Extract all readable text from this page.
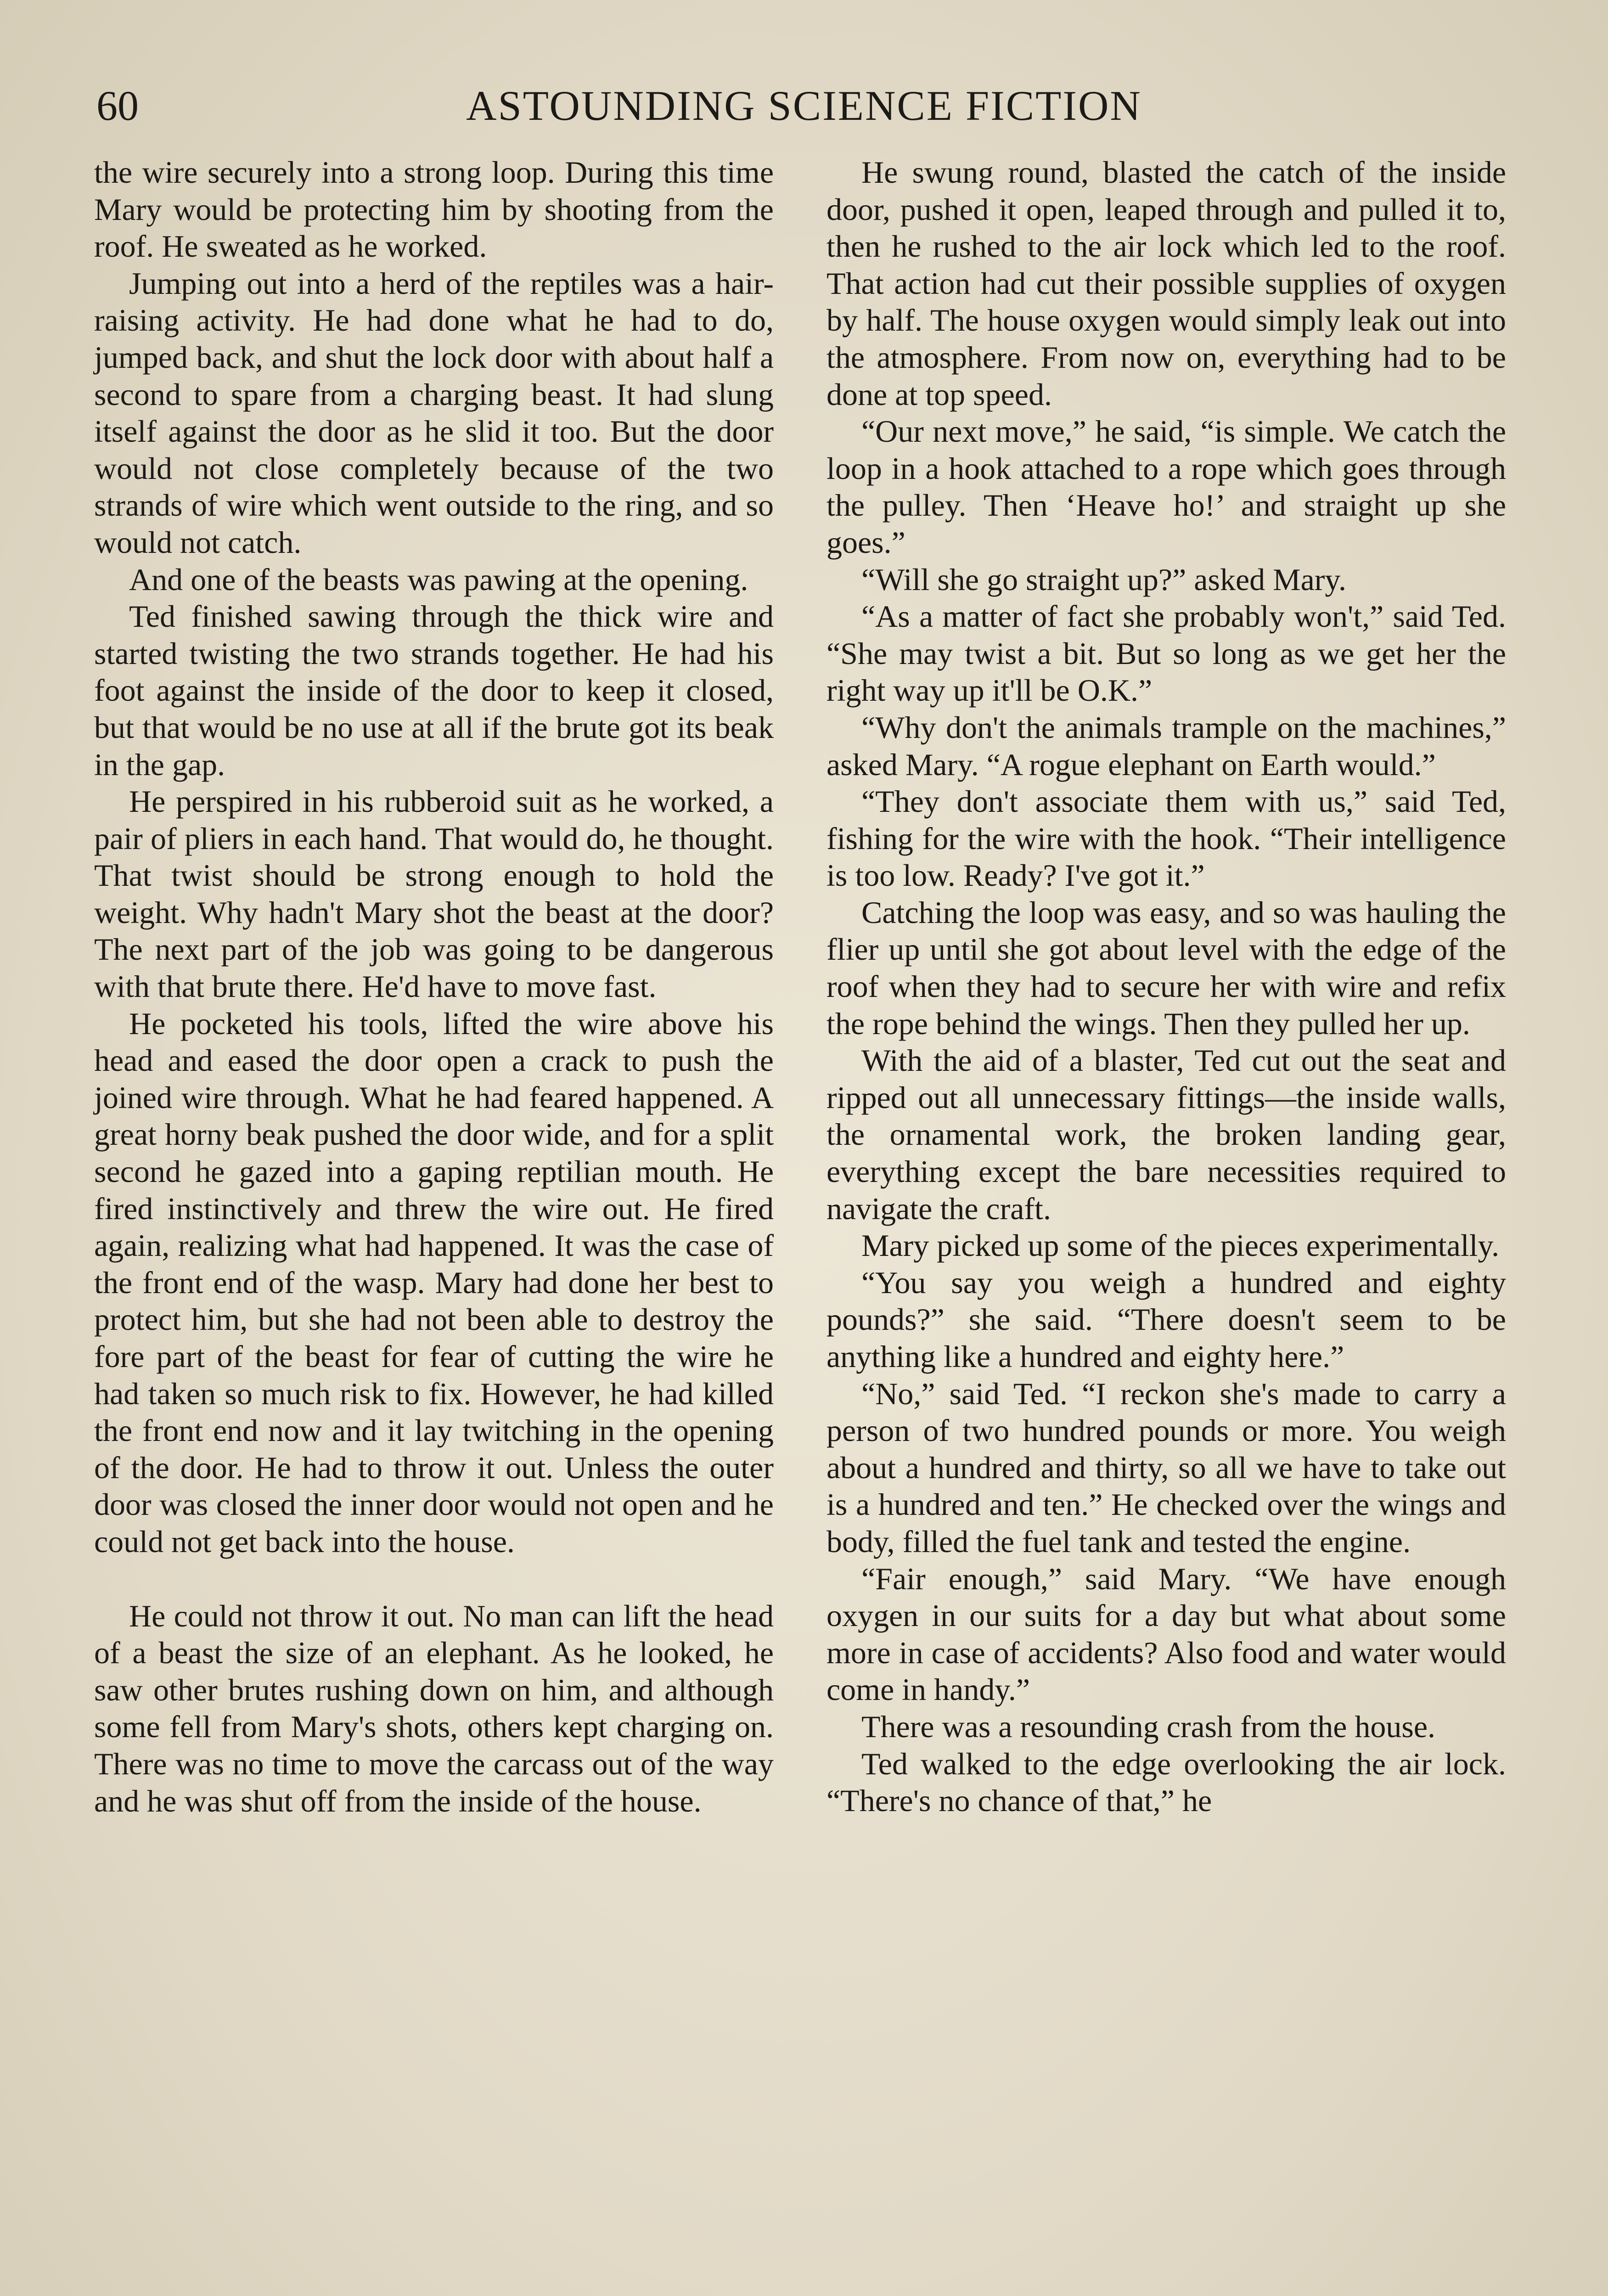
60	ASTOUNDING SCIENCE FICTION

the wire securely into a strong loop. During this time Mary would be protecting him by shooting from the roof. He sweated as he worked.

Jumping out into a herd of the reptiles was a hair-raising activity. He had done what he had to do, jumped back, and shut the lock door with about half a second to spare from a charging beast. It had slung itself against the door as he slid it too. But the door would not close completely because of the two strands of wire which went outside to the ring, and so would not catch.

And one of the beasts was pawing at the opening.

Ted finished sawing through the thick wire and started twisting the two strands together. He had his foot against the inside of the door to keep it closed, but that would be no use at all if the brute got its beak in the gap.

He perspired in his rubberoid suit as he worked, a pair of pliers in each hand. That would do, he thought. That twist should be strong enough to hold the weight. Why hadn't Mary shot the beast at the door? The next part of the job was going to be dangerous with that brute there. He'd have to move fast.

He pocketed his tools, lifted the wire above his head and eased the door open a crack to push the joined wire through. What he had feared happened. A great horny beak pushed the door wide, and for a split second he gazed into a gaping reptilian mouth. He fired instinctively and threw the wire out. He fired again, realizing what had happened. It was the case of the front end of the wasp. Mary had done her best to protect him, but she had not been able to destroy the fore part of the beast for fear of cutting the wire he had taken so much risk to fix. However, he had killed the front end now and it lay twitching in the opening of the door. He had to throw it out. Unless the outer door was closed the inner door would not open and he could not get back into the house.

He could not throw it out. No man can lift the head of a beast the size of an elephant. As he looked, he saw other brutes rushing down on him, and although some fell from Mary's shots, others kept charging on. There was no time to move the carcass out of the way and he was shut off from the inside of the house.

He swung round, blasted the catch of the inside door, pushed it open, leaped through and pulled it to, then he rushed to the air lock which led to the roof. That action had cut their possible supplies of oxygen by half. The house oxygen would simply leak out into the atmosphere. From now on, everything had to be done at top speed.

“Our next move,” he said, “is simple. We catch the loop in a hook attached to a rope which goes through the pulley. Then ‘Heave ho!’ and straight up she goes.”

“Will she go straight up?” asked Mary.

“As a matter of fact she probably won't,” said Ted. “She may twist a bit. But so long as we get her the right way up it'll be O.K.”

“Why don't the animals trample on the machines,” asked Mary. “A rogue elephant on Earth would.”

“They don't associate them with us,” said Ted, fishing for the wire with the hook. “Their intelligence is too low. Ready? I've got it.”

Catching the loop was easy, and so was hauling the flier up until she got about level with the edge of the roof when they had to secure her with wire and refix the rope behind the wings. Then they pulled her up.

With the aid of a blaster, Ted cut out the seat and ripped out all unnecessary fittings—the inside walls, the ornamental work, the broken landing gear, everything except the bare necessities required to navigate the craft.

Mary picked up some of the pieces experimentally.

“You say you weigh a hundred and eighty pounds?” she said. “There doesn't seem to be anything like a hundred and eighty here.”

“No,” said Ted. “I reckon she's made to carry a person of two hundred pounds or more. You weigh about a hundred and thirty, so all we have to take out is a hundred and ten.” He checked over the wings and body, filled the fuel tank and tested the engine.

“Fair enough,” said Mary. “We have enough oxygen in our suits for a day but what about some more in case of accidents? Also food and water would come in handy.”

There was a resounding crash from the house.

Ted walked to the edge overlooking the air lock. “There's no chance of that,” he
